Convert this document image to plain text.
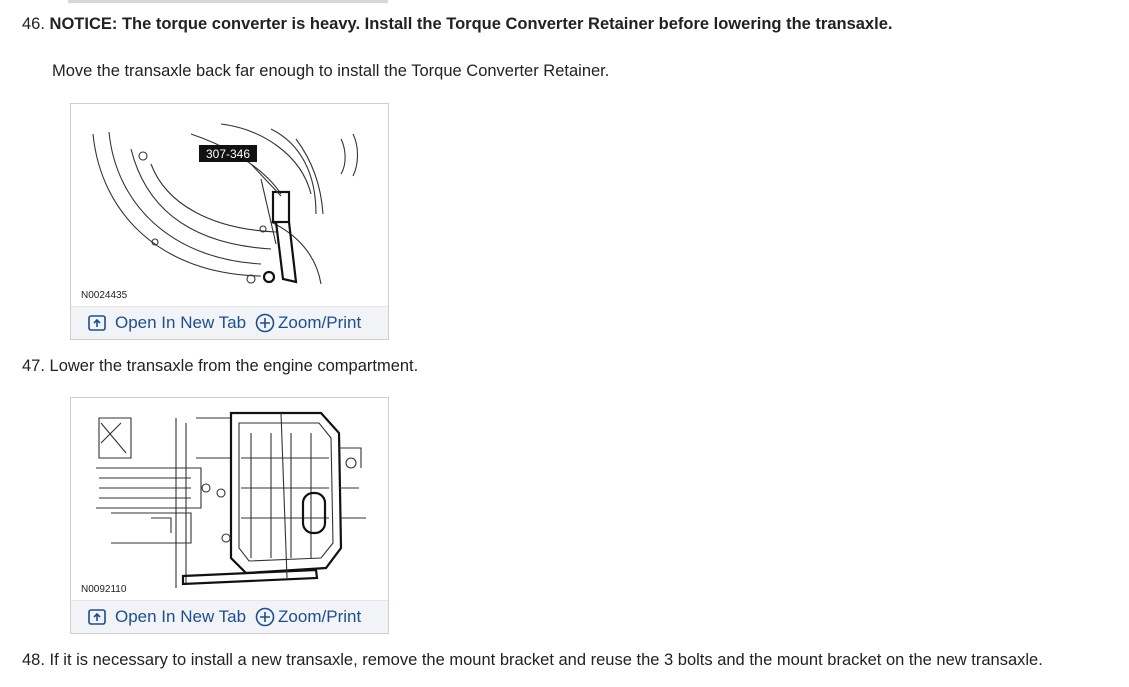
46. NOTICE: The torque converter is heavy. Install the Torque Converter Retainer before lowering the transaxle.
Move the transaxle back far enough to install the Torque Converter Retainer.
307-346
N0024435
Open In New Tab Zoom/Print
47. Lower the transaxle from the engine compartment.
N0092110
Open In New Tab Zoom/Print
48. If it is necessary to install a new transaxle, remove the mount bracket and reuse the 3 bolts and the mount bracket on the new transaxle.
